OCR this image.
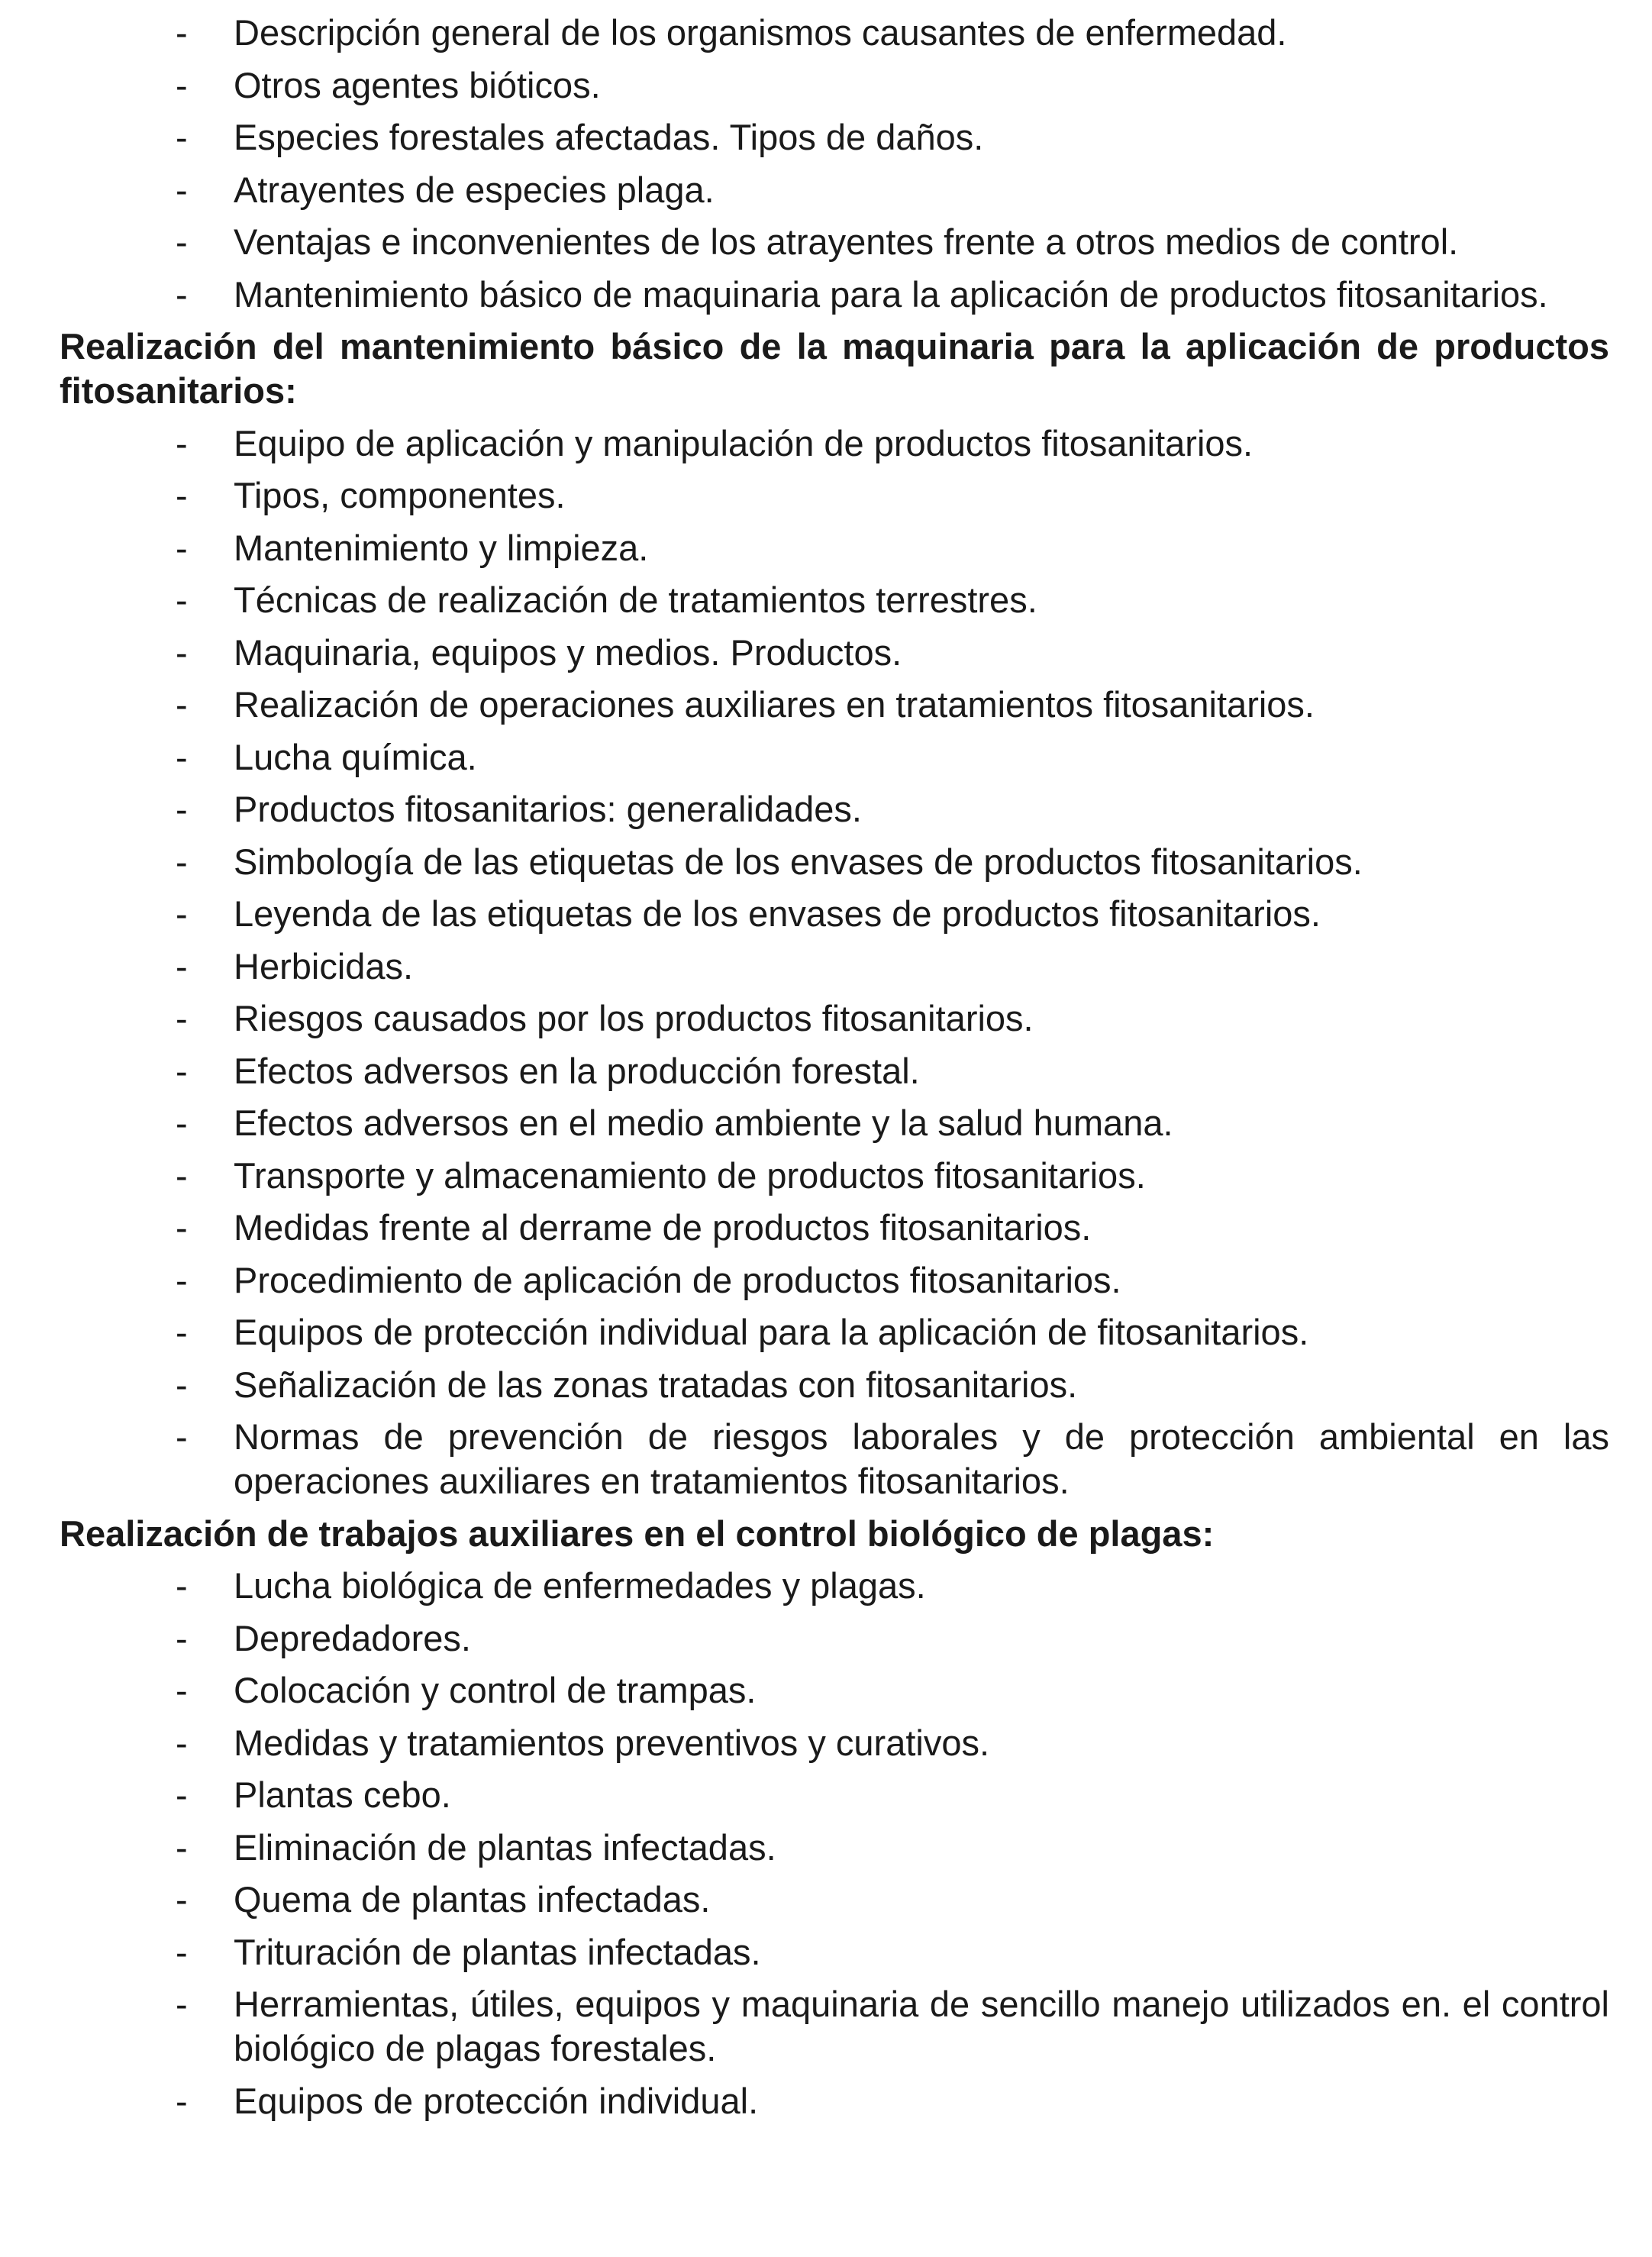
- Descripción general de los organismos causantes de enfermedad.
- Otros agentes bióticos.
- Especies forestales afectadas. Tipos de daños.
- Atrayentes de especies plaga.
- Ventajas e inconvenientes de los atrayentes frente a otros medios de control.
- Mantenimiento básico de maquinaria para la aplicación de productos fitosanitarios.
Realización del mantenimiento básico de la maquinaria para la aplicación de productos fitosanitarios:
- Equipo de aplicación y manipulación de productos fitosanitarios.
- Tipos, componentes.
- Mantenimiento y limpieza.
- Técnicas de realización de tratamientos terrestres.
- Maquinaria, equipos y medios. Productos.
- Realización de operaciones auxiliares en tratamientos fitosanitarios.
- Lucha química.
- Productos fitosanitarios: generalidades.
- Simbología de las etiquetas de los envases de productos fitosanitarios.
- Leyenda de las etiquetas de los envases de productos fitosanitarios.
- Herbicidas.
- Riesgos causados por los productos fitosanitarios.
- Efectos adversos en la producción forestal.
- Efectos adversos en el medio ambiente y la salud humana.
- Transporte y almacenamiento de productos fitosanitarios.
- Medidas frente al derrame de productos fitosanitarios.
- Procedimiento de aplicación de productos fitosanitarios.
- Equipos de protección individual para la aplicación de fitosanitarios.
- Señalización de las zonas tratadas con fitosanitarios.
- Normas de prevención de riesgos laborales y de protección ambiental en las operaciones auxiliares en tratamientos fitosanitarios.
Realización de trabajos auxiliares en el control biológico de plagas:
- Lucha biológica de enfermedades y plagas.
- Depredadores.
- Colocación y control de trampas.
- Medidas y tratamientos preventivos y curativos.
- Plantas cebo.
- Eliminación de plantas infectadas.
- Quema de plantas infectadas.
- Trituración de plantas infectadas.
- Herramientas, útiles, equipos y maquinaria de sencillo manejo utilizados en. el control biológico de plagas forestales.
- Equipos de protección individual.
